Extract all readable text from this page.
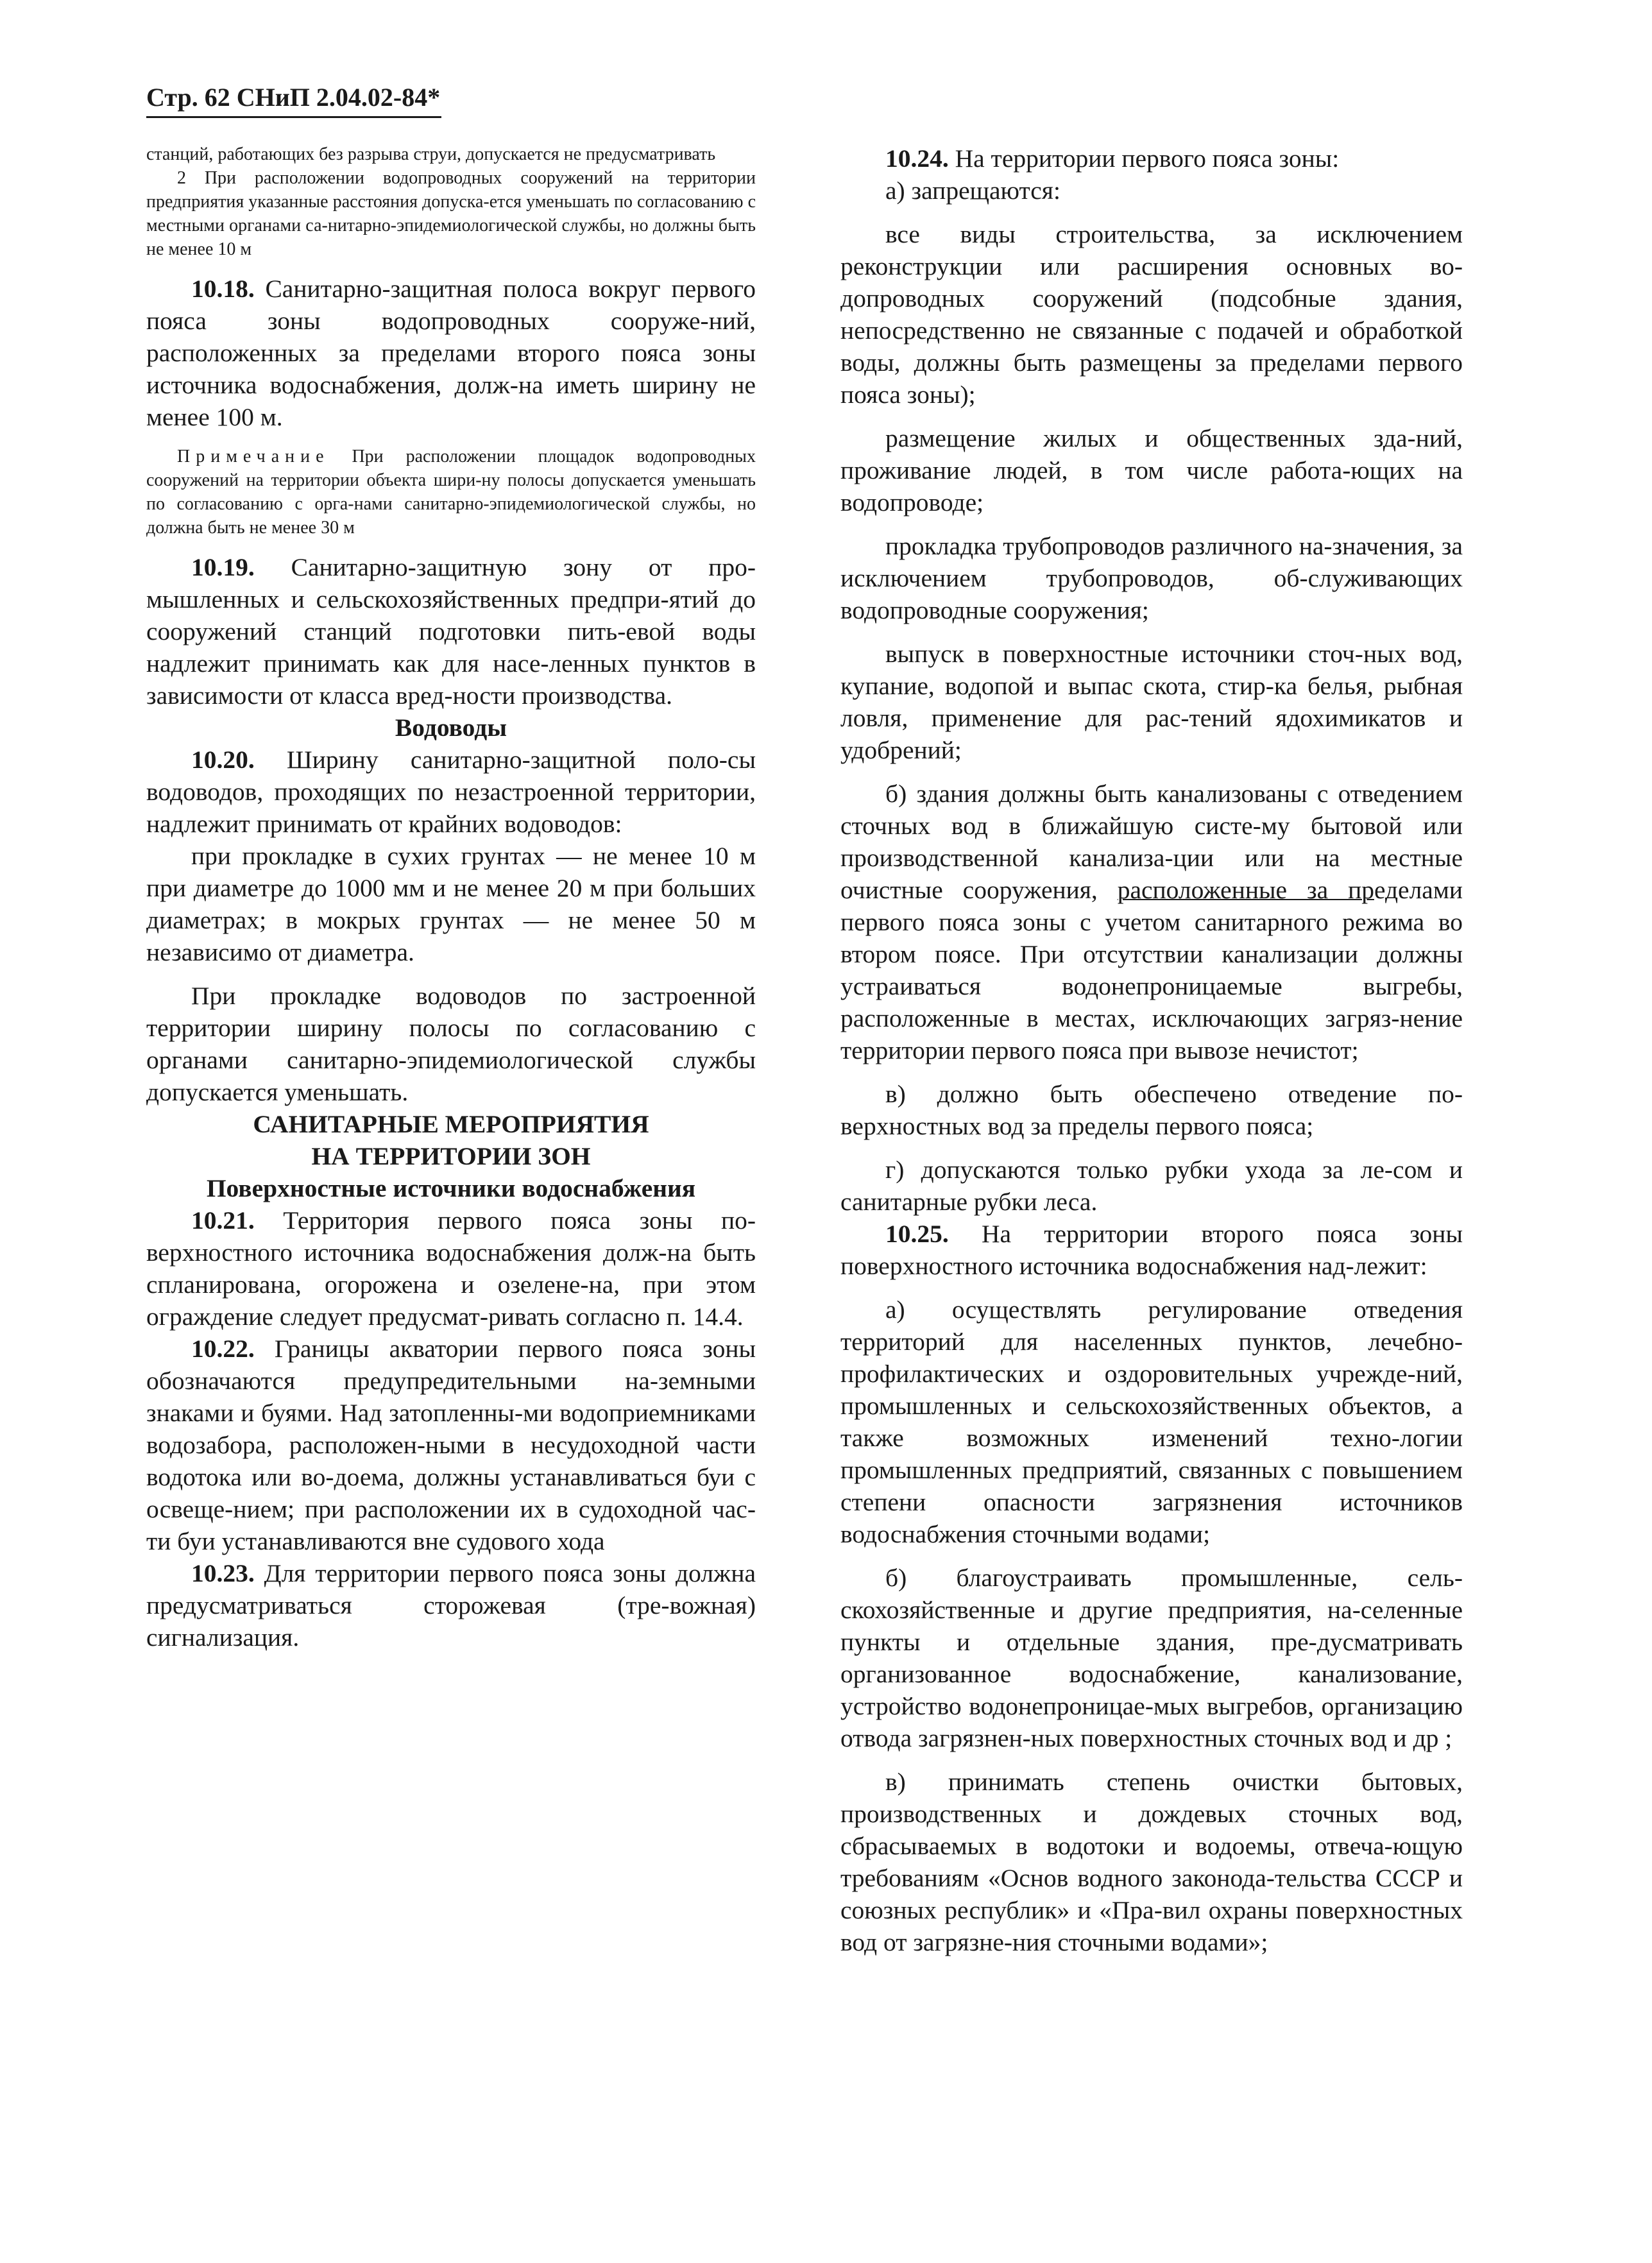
Стр. 62 СНиП 2.04.02-84*

станций, работающих без разрыва струи, допускается не предусматривать

2 При расположении водопроводных сооружений на территории предприятия указанные расстояния допуска-ется уменьшать по согласованию с местными органами са-нитарно-эпидемиологической службы, но должны быть не менее 10 м

10.18. Санитарно-защитная полоса вокруг первого пояса зоны водопроводных сооруже-ний, расположенных за пределами второго пояса зоны источника водоснабжения, долж-на иметь ширину не менее 100 м.

Примечание При расположении площадок водопроводных сооружений на территории объекта шири-ну полосы допускается уменьшать по согласованию с орга-нами санитарно-эпидемиологической службы, но должна быть не менее 30 м

10.19. Санитарно-защитную зону от про-мышленных и сельскохозяйственных предпри-ятий до сооружений станций подготовки пить-евой воды надлежит принимать как для насе-ленных пунктов в зависимости от класса вред-ности производства.

Водоводы

10.20. Ширину санитарно-защитной поло-сы водоводов, проходящих по незастроенной территории, надлежит принимать от крайних водоводов:

при прокладке в сухих грунтах — не менее 10 м при диаметре до 1000 мм и не менее 20 м при больших диаметрах; в мокрых грунтах — не менее 50 м независимо от диаметра.

При прокладке водоводов по застроенной территории ширину полосы по согласованию с органами санитарно-эпидемиологической службы допускается уменьшать.

САНИТАРНЫЕ МЕРОПРИЯТИЯ

НА ТЕРРИТОРИИ ЗОН

Поверхностные источники водоснабжения

10.21. Территория первого пояса зоны по-верхностного источника водоснабжения долж-на быть спланирована, огорожена и озелене-на, при этом ограждение следует предусмат-ривать согласно п. 14.4.

10.22. Границы акватории первого пояса зоны обозначаются предупредительными на-земными знаками и буями. Над затопленны-ми водоприемниками водозабора, расположен-ными в несудоходной части водотока или во-доема, должны устанавливаться буи с освеще-нием; при расположении их в судоходной час-ти буи устанавливаются вне судового хода

10.23. Для территории первого пояса зоны должна предусматриваться сторожевая (тре-вожная) сигнализация.

10.24. На территории первого пояса зоны:

а) запрещаются:

все виды строительства, за исключением реконструкции или расширения основных во-допроводных сооружений (подсобные здания, непосредственно не связанные с подачей и обработкой воды, должны быть размещены за пределами первого пояса зоны);

размещение жилых и общественных зда-ний, проживание людей, в том числе работа-ющих на водопроводе;

прокладка трубопроводов различного на-значения, за исключением трубопроводов, об-служивающих водопроводные сооружения;

выпуск в поверхностные источники сточ-ных вод, купание, водопой и выпас скота, стир-ка белья, рыбная ловля, применение для рас-тений ядохимикатов и удобрений;

б) здания должны быть канализованы с отведением сточных вод в ближайшую систе-му бытовой или производственной канализа-ции или на местные очистные сооружения, расположенные за пределами первого пояса зоны с учетом санитарного режима во втором поясе. При отсутствии канализации должны устраиваться водонепроницаемые выгребы, расположенные в местах, исключающих загряз-нение территории первого пояса при вывозе нечистот;

в) должно быть обеспечено отведение по-верхностных вод за пределы первого пояса;

г) допускаются только рубки ухода за ле-сом и санитарные рубки леса.

10.25. На территории второго пояса зоны поверхностного источника водоснабжения над-лежит:

а) осуществлять регулирование отведения территорий для населенных пунктов, лечебно-профилактических и оздоровительных учрежде-ний, промышленных и сельскохозяйственных объектов, а также возможных изменений техно-логии промышленных предприятий, связанных с повышением степени опасности загрязнения источников водоснабжения сточными водами;

б) благоустраивать промышленные, сель-скохозяйственные и другие предприятия, на-селенные пункты и отдельные здания, пре-дусматривать организованное водоснабжение, канализование, устройство водонепроницае-мых выгребов, организацию отвода загрязнен-ных поверхностных сточных вод и др ;

в) принимать степень очистки бытовых, производственных и дождевых сточных вод, сбрасываемых в водотоки и водоемы, отвеча-ющую требованиям «Основ водного законода-тельства СССР и союзных республик» и «Пра-вил охраны поверхностных вод от загрязне-ния сточными водами»;
